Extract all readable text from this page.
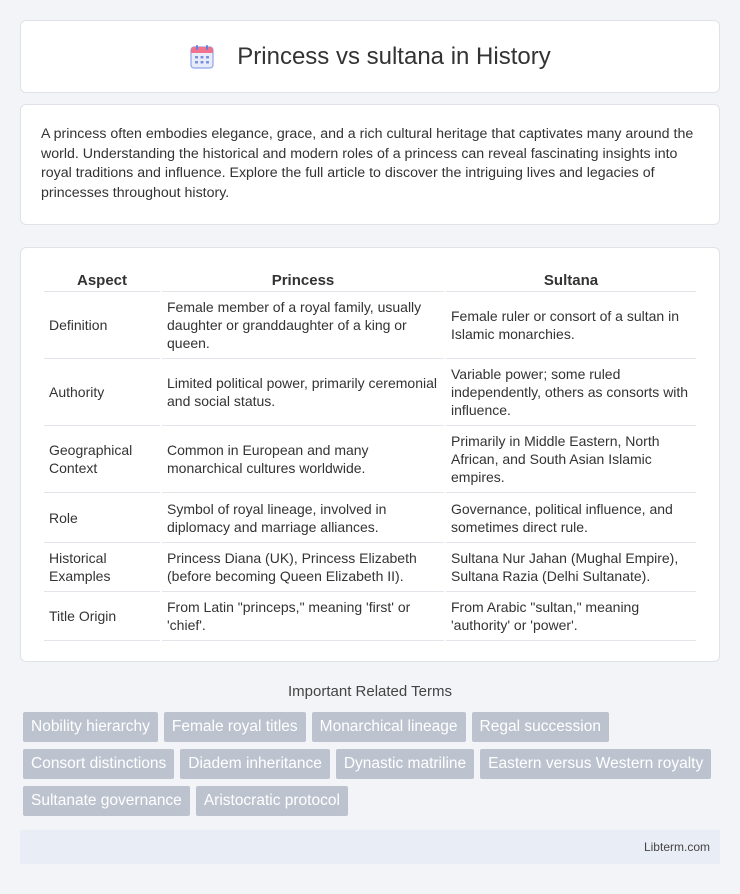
Princess vs sultana in History

A princess often embodies elegance, grace, and a rich cultural heritage that captivates many around the world. Understanding the historical and modern roles of a princess can reveal fascinating insights into royal traditions and influence. Explore the full article to discover the intriguing lives and legacies of princesses throughout history.

Aspect	Princess	Sultana
Definition	Female member of a royal family, usually daughter or granddaughter of a king or queen.	Female ruler or consort of a sultan in Islamic monarchies.
Authority	Limited political power, primarily ceremonial and social status.	Variable power; some ruled independently, others as consorts with influence.
Geographical Context	Common in European and many monarchical cultures worldwide.	Primarily in Middle Eastern, North African, and South Asian Islamic empires.
Role	Symbol of royal lineage, involved in diplomacy and marriage alliances.	Governance, political influence, and sometimes direct rule.
Historical Examples	Princess Diana (UK), Princess Elizabeth (before becoming Queen Elizabeth II).	Sultana Nur Jahan (Mughal Empire), Sultana Razia (Delhi Sultanate).
Title Origin	From Latin "princeps," meaning 'first' or 'chief'.	From Arabic "sultan," meaning 'authority' or 'power'.
Important Related Terms
Nobility hierarchy	Female royal titles	Monarchical lineage	Regal succession
Consort distinctions	Diadem inheritance	Dynastic matriline	Eastern versus Western royalty
Sultanate governance	Aristocratic protocol
Libterm.com
